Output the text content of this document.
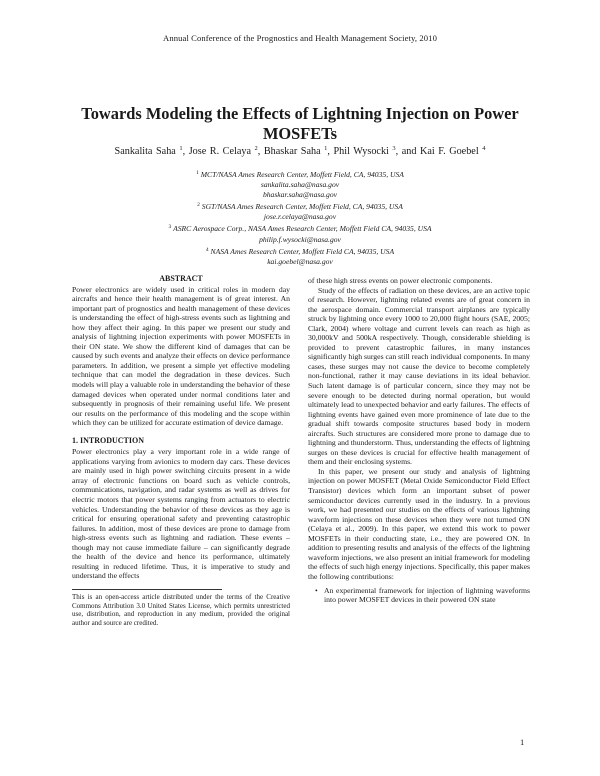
Annual Conference of the Prognostics and Health Management Society, 2010
Towards Modeling the Effects of Lightning Injection on Power MOSFETs
Sankalita Saha $^1$, Jose R. Celaya $^2$, Bhaskar Saha $^1$, Phil Wysocki $^3$, and Kai F. Goebel $^4$
$^1$ MCT/NASA Ames Research Center, Moffett Field, CA, 94035, USA
sankalita.saha@nasa.gov
bhaskar.saha@nasa.gov
$^2$ SGT/NASA Ames Research Center, Moffett Field, CA, 94035, USA
jose.r.celaya@nasa.gov
$^3$ ASRC Aerospace Corp., NASA Ames Research Center, Moffett Field CA, 94035, USA
philip.f.wysocki@nasa.gov
$^4$ NASA Ames Research Center, Moffett Field CA, 94035, USA
kai.goebel@nasa.gov
ABSTRACT

Power electronics are widely used in critical roles in modern day aircrafts and hence their health management is of great interest. An important part of prognostics and health management of these devices is understanding the effect of high-stress events such as lightning and how they affect their aging. In this paper we present our study and analysis of lightning injection experiments with power MOSFETs in their ON state. We show the different kind of damages that can be caused by such events and analyze their effects on device performance parameters. In addition, we present a simple yet effective modeling technique that can model the degradation in these devices. Such models will play a valuable role in understanding the behavior of these damaged devices when operated under normal conditions later and subsequently in prognosis of their remaining useful life. We present our results on the performance of this modeling and the scope within which they can be utilized for accurate estimation of device damage.

1. INTRODUCTION

Power electronics play a very important role in a wide range of applications varying from avionics to modern day cars. These devices are mainly used in high power switching circuits present in a wide array of electronic functions on board such as vehicle controls, communications, navigation, and radar systems as well as drives for electric motors that power systems ranging from actuators to electric vehicles. Understanding the behavior of these devices as they age is critical for ensuring operational safety and preventing catastrophic failures. In addition, most of these devices are prone to damage from high-stress events such as lightning and radiation. These events – though may not cause immediate failure – can significantly degrade the health of the device and hence its performance, ultimately resulting in reduced lifetime. Thus, it is imperative to study and understand the effects

This is an open-access article distributed under the terms of the Creative Commons Attribution 3.0 United States License, which permits unrestricted use, distribution, and reproduction in any medium, provided the original author and source are credited.

of these high stress events on power electronic components.

Study of the effects of radiation on these devices, are an active topic of research. However, lightning related events are of great concern in the aerospace domain. Commercial transport airplanes are typically struck by lightning once every 1000 to 20,000 flight hours (SAE, 2005; Clark, 2004) where voltage and current levels can reach as high as 30,000kV and 500kA respectively. Though, considerable shielding is provided to prevent catastrophic failures, in many instances significantly high surges can still reach individual components. In many cases, these surges may not cause the device to become completely non-functional, rather it may cause deviations in its ideal behavior. Such latent damage is of particular concern, since they may not be severe enough to be detected during normal operation, but would ultimately lead to unexpected behavior and early failures. The effects of lightning events have gained even more prominence of late due to the gradual shift towards composite structures based body in modern aircrafts. Such structures are considered more prone to damage due to lightning and thunderstorm. Thus, understanding the effects of lightning surges on these devices is crucial for effective health management of them and their enclosing systems.

In this paper, we present our study and analysis of lightning injection on power MOSFET (Metal Oxide Semiconductor Field Effect Transistor) devices which form an important subset of power semiconductor devices currently used in the industry. In a previous work, we had presented our studies on the effects of various lightning waveform injections on these devices when they were not turned ON (Celaya et al., 2009). In this paper, we extend this work to power MOSFETs in their conducting state, i.e., they are powered ON. In addition to presenting results and analysis of the effects of the lightning waveform injections, we also present an initial framework for modeling the effects of such high energy injections. Specifically, this paper makes the following contributions:

• An experimental framework for injection of lightning waveforms into power MOSFET devices in their powered ON state
1
